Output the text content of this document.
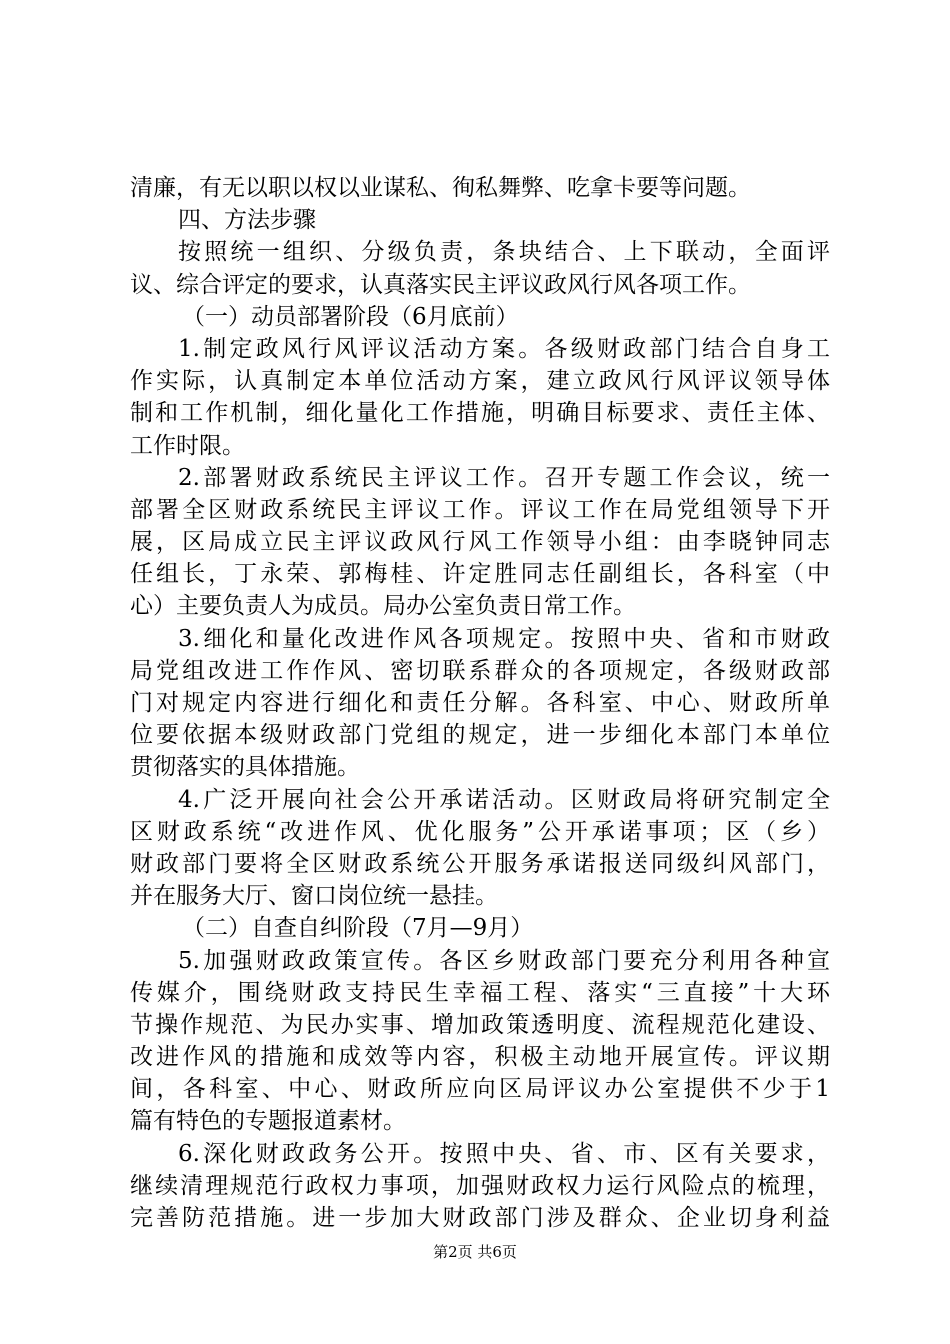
清廉，有无以职以权以业谋私、徇私舞弊、吃拿卡要等问题。
四、方法步骤
按照统一组织、分级负责，条块结合、上下联动，全面评
议、综合评定的要求，认真落实民主评议政风行风各项工作。
（一）动员部署阶段（6月底前）
1.制定政风行风评议活动方案。各级财政部门结合自身工
作实际，认真制定本单位活动方案，建立政风行风评议领导体
制和工作机制，细化量化工作措施，明确目标要求、责任主体、
工作时限。
2.部署财政系统民主评议工作。召开专题工作会议，统一
部署全区财政系统民主评议工作。评议工作在局党组领导下开
展，区局成立民主评议政风行风工作领导小组：由李晓钟同志
任组长，丁永荣、郭梅桂、许定胜同志任副组长，各科室（中
心）主要负责人为成员。局办公室负责日常工作。
3.细化和量化改进作风各项规定。按照中央、省和市财政
局党组改进工作作风、密切联系群众的各项规定，各级财政部
门对规定内容进行细化和责任分解。各科室、中心、财政所单
位要依据本级财政部门党组的规定，进一步细化本部门本单位
贯彻落实的具体措施。
4.广泛开展向社会公开承诺活动。区财政局将研究制定全
区财政系统“改进作风、优化服务”公开承诺事项；区（乡）
财政部门要将全区财政系统公开服务承诺报送同级纠风部门，
并在服务大厅、窗口岗位统一悬挂。
（二）自查自纠阶段（7月—9月）
5.加强财政政策宣传。各区乡财政部门要充分利用各种宣
传媒介，围绕财政支持民生幸福工程、落实“三直接”十大环
节操作规范、为民办实事、增加政策透明度、流程规范化建设、
改进作风的措施和成效等内容，积极主动地开展宣传。评议期
间，各科室、中心、财政所应向区局评议办公室提供不少于1
篇有特色的专题报道素材。
6.深化财政政务公开。按照中央、省、市、区有关要求，
继续清理规范行政权力事项，加强财政权力运行风险点的梳理，
完善防范措施。进一步加大财政部门涉及群众、企业切身利益
第2页 共6页
